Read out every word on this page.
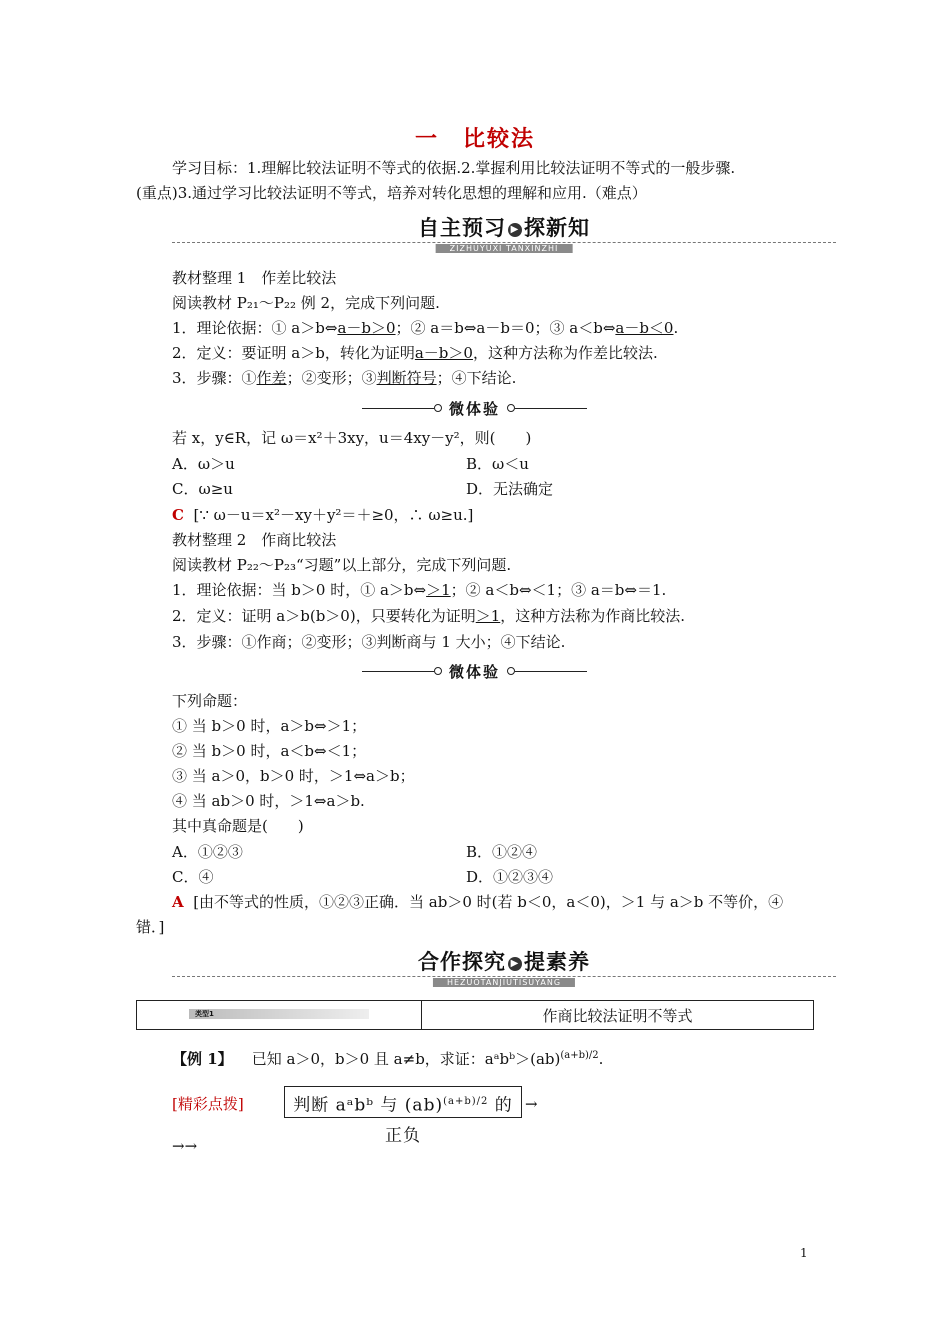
一　比较法
学习目标：1.理解比较法证明不等式的依据.2.掌握利用比较法证明不等式的一般步骤.
(重点)3.通过学习比较法证明不等式，培养对转化思想的理解和应用.（难点）
自主预习 ▶ 探新知
ZIZHUYUXI TANXINZHI
教材整理 1　作差比较法
阅读教材 P₂₁～P₂₂ 例 2，完成下列问题.
1．理论依据：① a＞b⇔a－b＞0；② a＝b⇔a－b＝0；③ a＜b⇔a－b＜0.
2．定义：要证明 a＞b，转化为证明a－b＞0，这种方法称为作差比较法.
3．步骤：①作差；②变形；③判断符号；④下结论.
微体验
若 x，y∈R，记 ω＝x²＋3xy，u＝4xy－y²，则(　　)
A．ω＞u	B．ω＜u
C．ω≥u	D．无法确定
C [∵ ω－u＝x²－xy＋y²＝＋≥0，∴ ω≥u.]
教材整理 2　作商比较法
阅读教材 P₂₂～P₂₃“习题”以上部分，完成下列问题.
1．理论依据：当 b＞0 时，① a＞b⇔＞1；② a＜b⇔＜1；③ a＝b⇔＝1.
2．定义：证明 a＞b(b＞0)，只要转化为证明＞1，这种方法称为作商比较法.
3．步骤：①作商；②变形；③判断商与 1 大小；④下结论.
微体验
下列命题：
① 当 b＞0 时，a＞b⇔＞1；
② 当 b＞0 时，a＜b⇔＜1；
③ 当 a＞0，b＞0 时，＞1⇔a＞b；
④ 当 ab＞0 时，＞1⇔a＞b.
其中真命题是(　　)
A．①②③	B．①②④
C．④	D．①②③④
A [由不等式的性质，①②③正确．当 ab＞0 时(若 b＜0，a＜0)，＞1 与 a＞b 不等价，④
错．]
合作探究 ▶ 提素养
HEZUOTANJIUTISUYANG
类型1	作商比较法证明不等式
【例 1】 已知 a＞0，b＞0 且 a≠b，求证：aᵃbᵇ＞(ab)$^{(a+b)/2}$.
[精彩点拨]	判断 aᵃbᵇ 与 (ab)$^{(a+b)/2}$ 的正负
→
→→
1
